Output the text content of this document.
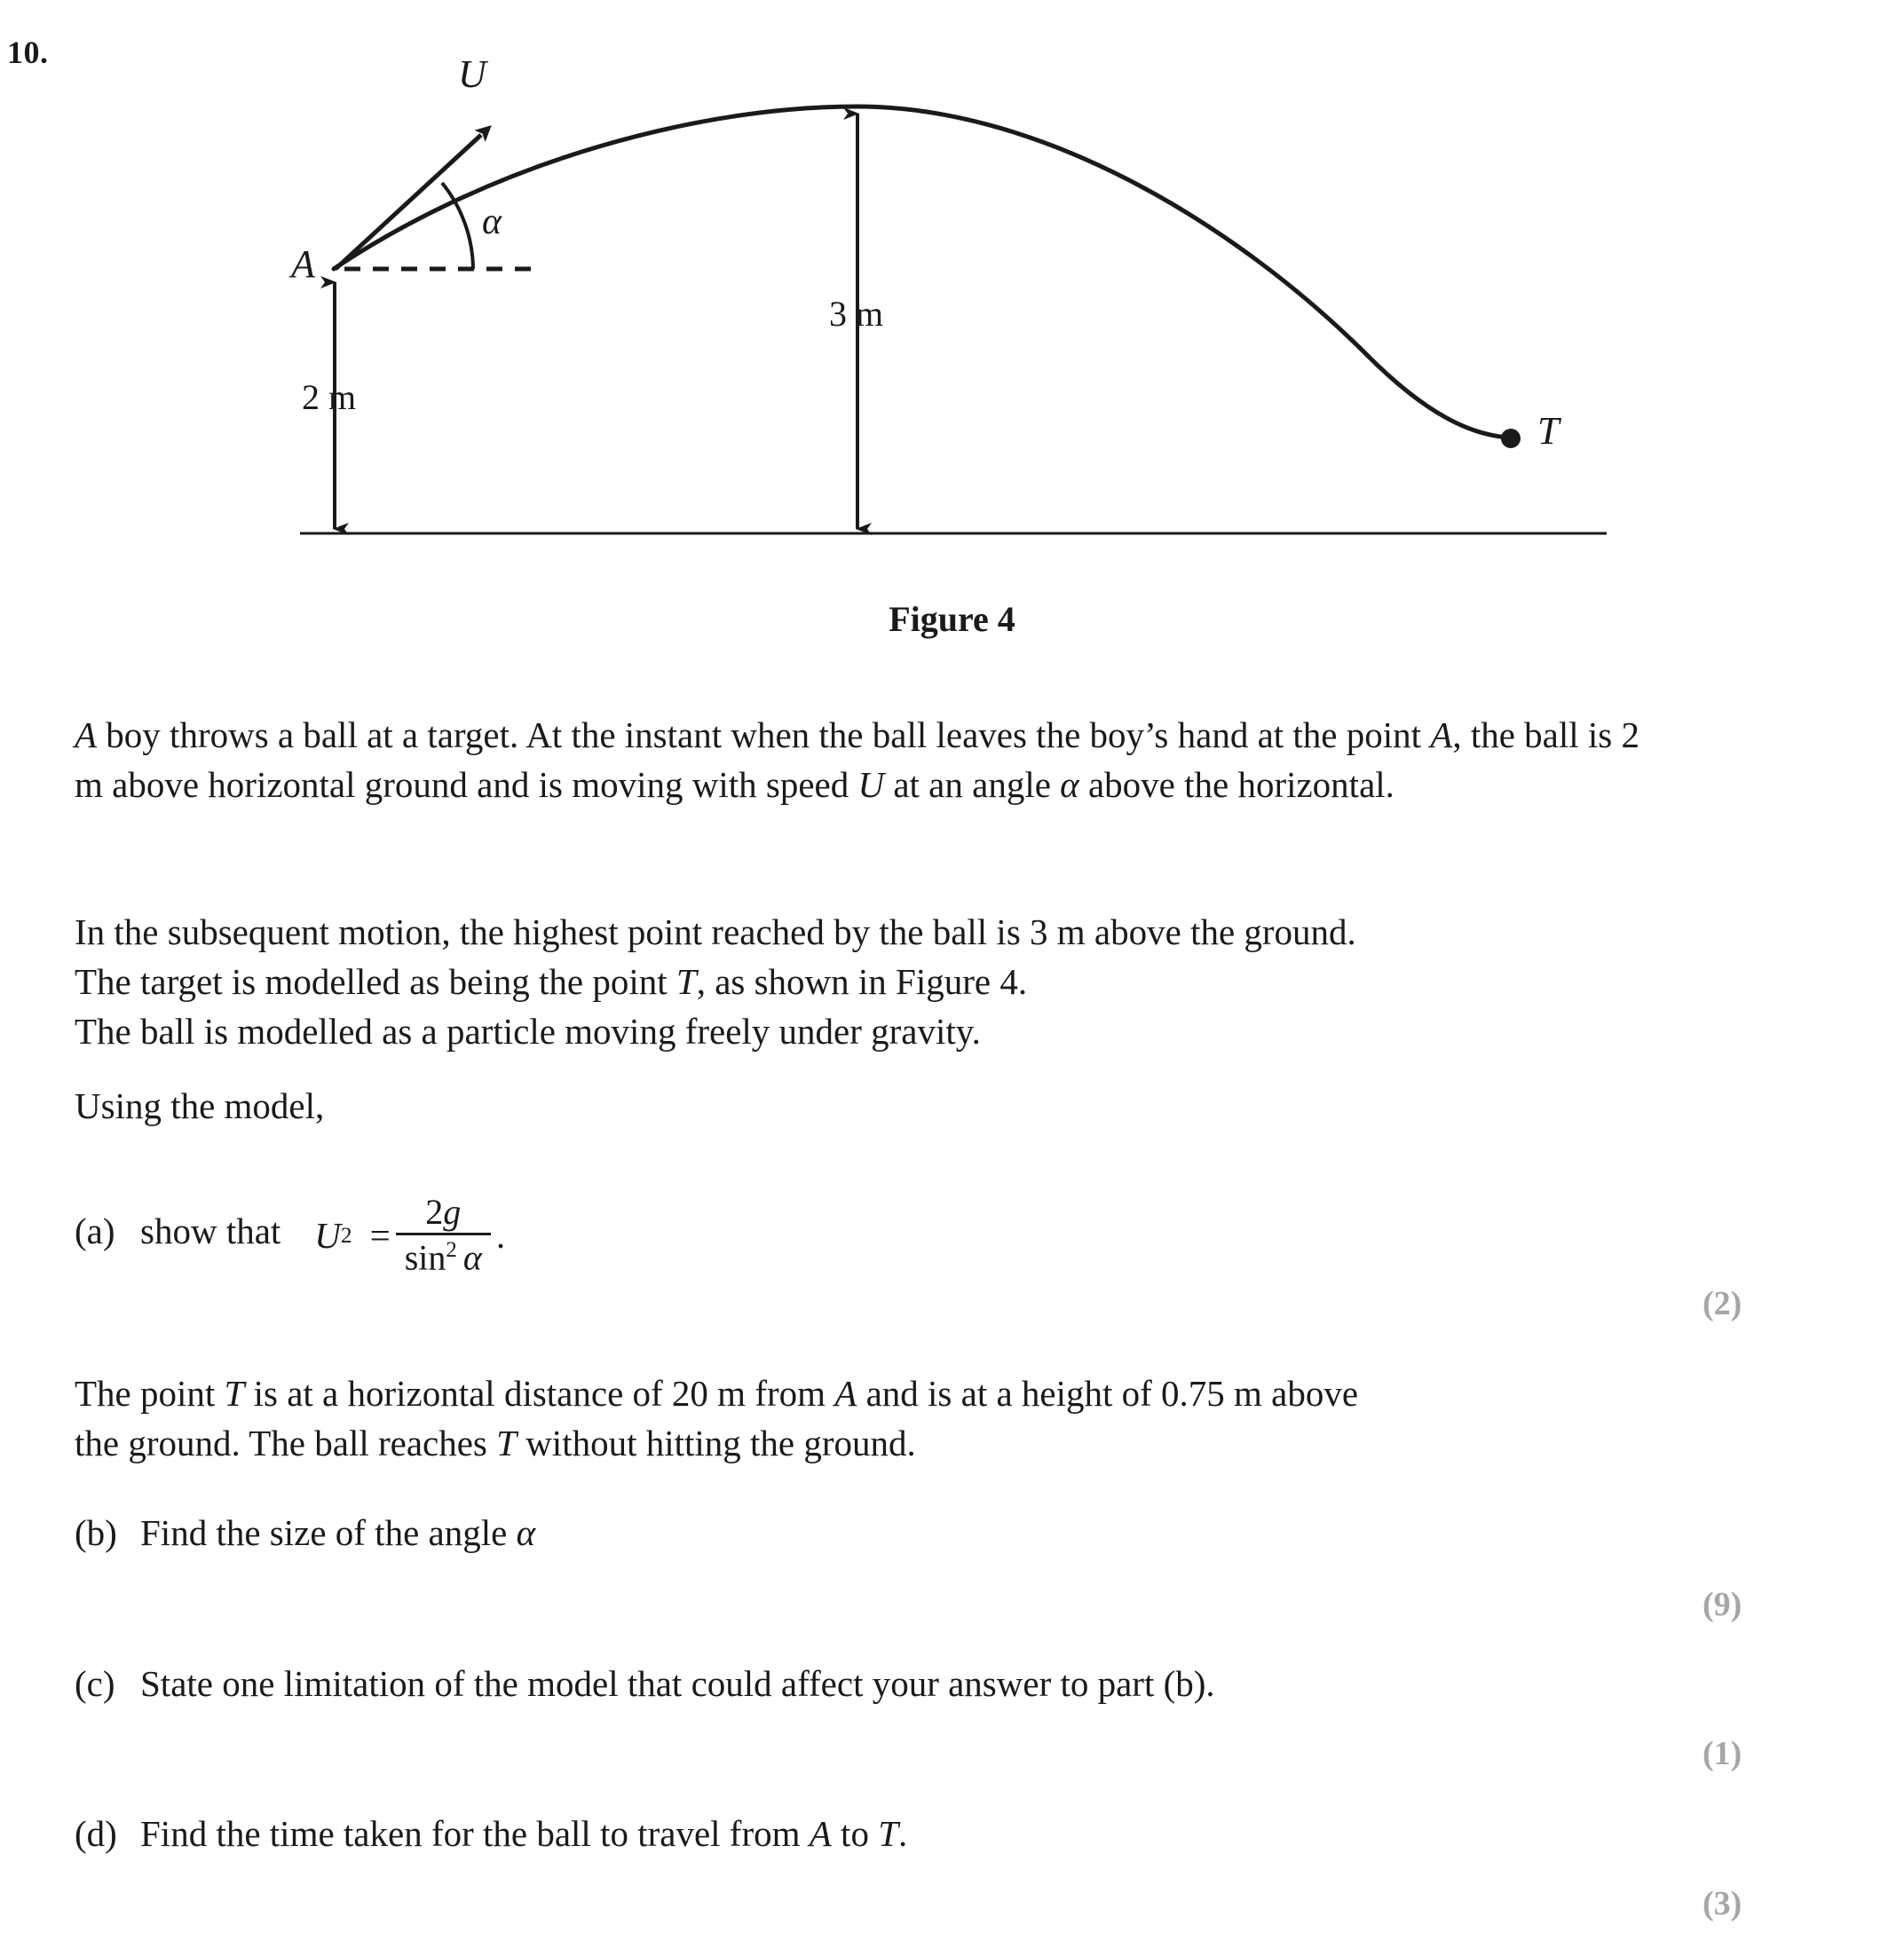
10.	U
A
α
T
2 m
3 m
Figure 4
A boy throws a ball at a target. At the instant when the ball leaves the boy’s hand at the point A, the ball is 2 m above horizontal ground and is moving with speed U at an angle α above the horizontal.
In the subsequent motion, the highest point reached by the ball is 3 m above the ground.
The target is modelled as being the point T, as shown in Figure 4.
The ball is modelled as a particle moving freely under gravity.
Using the model,
(a) show that U $2 = \frac{2g}{\sin^2 \alpha}$ .
(2)
The point T is at a horizontal distance of 20 m from A and is at a height of 0.75 m above
the ground. The ball reaches T without hitting the ground.
(b) Find the size of the angle α
(9)
(c) State one limitation of the model that could affect your answer to part (b).
(1)
(d) Find the time taken for the ball to travel from A to T.
(3)
